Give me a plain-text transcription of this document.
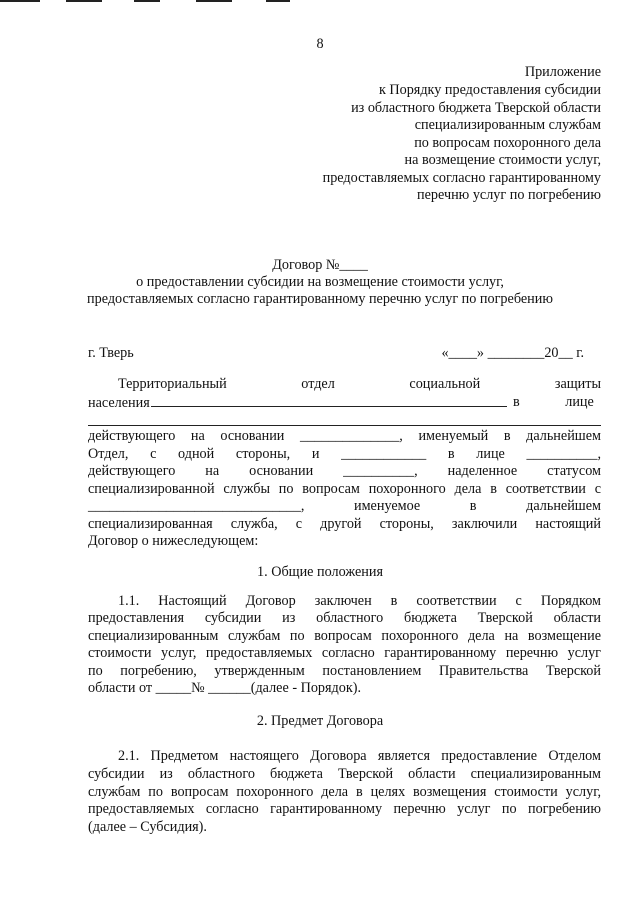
8
Приложение
к Порядку предоставления субсидии
из областного бюджета Тверской области
специализированным службам
по вопросам похоронного дела
на возмещение стоимости услуг,
предоставляемых согласно гарантированному
перечню услуг по погребению
Договор №____
о предоставлении субсидии на возмещение стоимости услуг,
предоставляемых согласно гарантированному перечню услуг по погребению
г. Тверь	«____» ________20__ г.
Территориальный отдел социальной защиты
населения	в лице
действующего на основании ______________, именуемый в дальнейшем
Отдел, с одной стороны, и ____________ в лице __________,
действующего на основании __________, наделенное статусом
специализированной службы по вопросам похоронного дела в соответствии с
______________________________, именуемое в дальнейшем
специализированная служба, с другой стороны, заключили настоящий
Договор о нижеследующем:
1. Общие положения
1.1. Настоящий Договор заключен в соответствии с Порядком
предоставления субсидии из областного бюджета Тверской области
специализированным службам по вопросам похоронного дела на возмещение
стоимости услуг, предоставляемых согласно гарантированному перечню услуг
по погребению, утвержденным постановлением Правительства Тверской
области от _____№ ______(далее - Порядок).
2. Предмет Договора
2.1. Предметом настоящего Договора является предоставление Отделом
субсидии из областного бюджета Тверской области специализированным
службам по вопросам похоронного дела в целях возмещения стоимости услуг,
предоставляемых согласно гарантированному перечню услуг по погребению
(далее – Субсидия).
